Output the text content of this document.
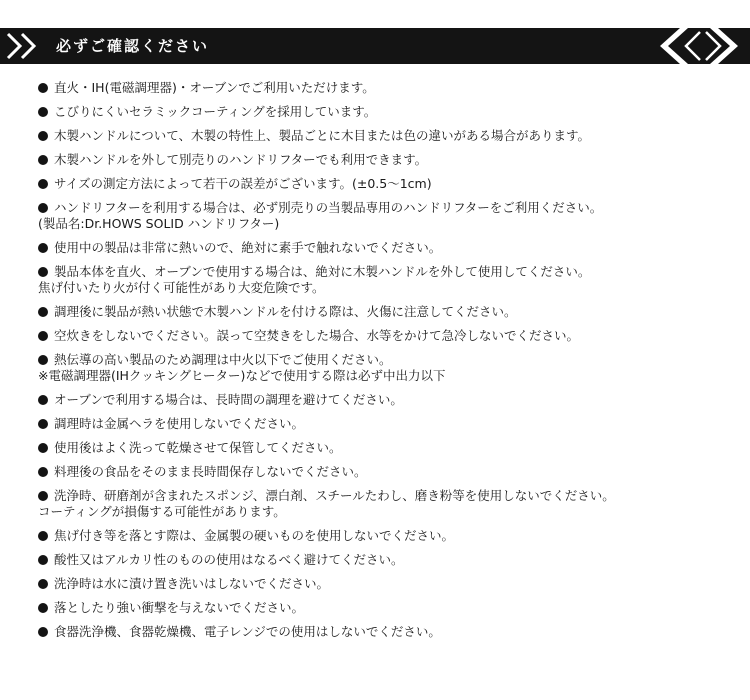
必ずご確認ください
直火・IH(電磁調理器)・オーブンでご利用いただけます。
こびりにくいセラミックコーティングを採用しています。
木製ハンドルについて、木製の特性上、製品ごとに木目または色の違いがある場合があります。
木製ハンドルを外して別売りのハンドリフターでも利用できます。
サイズの測定方法によって若干の誤差がございます。(±0.5〜1cm)
ハンドリフターを利用する場合は、必ず別売りの当製品専用のハンドリフターをご利用ください。
(製品名:Dr.HOWS SOLID ハンドリフター)
使用中の製品は非常に熱いので、絶対に素手で触れないでください。
製品本体を直火、オーブンで使用する場合は、絶対に木製ハンドルを外して使用してください。
焦げ付いたり火が付く可能性があり大変危険です。
調理後に製品が熱い状態で木製ハンドルを付ける際は、火傷に注意してください。
空炊きをしないでください。誤って空焚きをした場合、水等をかけて急冷しないでください。
熱伝導の高い製品のため調理は中火以下でご使用ください。
※電磁調理器(IHクッキングヒーター)などで使用する際は必ず中出力以下
オーブンで利用する場合は、長時間の調理を避けてください。
調理時は金属ヘラを使用しないでください。
使用後はよく洗って乾燥させて保管してください。
料理後の食品をそのまま長時間保存しないでください。
洗浄時、研磨剤が含まれたスポンジ、漂白剤、スチールたわし、磨き粉等を使用しないでください。
コーティングが損傷する可能性があります。
焦げ付き等を落とす際は、金属製の硬いものを使用しないでください。
酸性又はアルカリ性のものの使用はなるべく避けてください。
洗浄時は水に漬け置き洗いはしないでください。
落としたり強い衝撃を与えないでください。
食器洗浄機、食器乾燥機、電子レンジでの使用はしないでください。
